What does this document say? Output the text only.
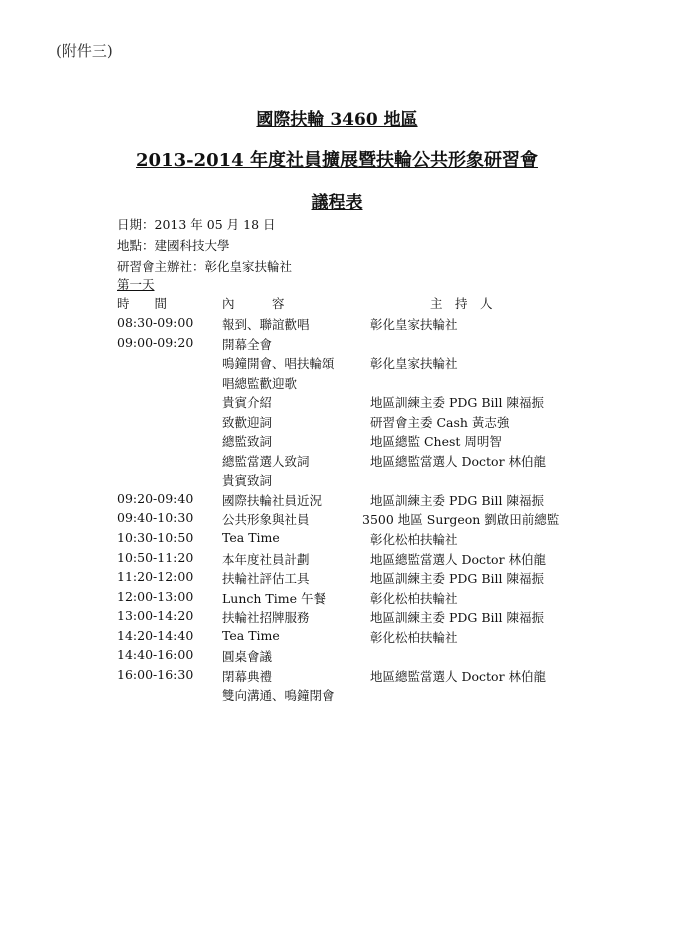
(附件三)
國際扶輪 3460 地區
2013-2014 年度社員擴展暨扶輪公共形象研習會
議程表
日期：2013 年 05 月 18 日
地點：建國科技大學
研習會主辦社：彰化皇家扶輪社
第一天
時　　間	內　　　容	主　持　人
08:30-09:00 報到、聯誼歡唱	彰化皇家扶輪社
09:00-09:20 開幕全會
鳴鐘開會、唱扶輪頌	彰化皇家扶輪社
唱總監歡迎歌
貴賓介紹	地區訓練主委 PDG Bill 陳福振
致歡迎詞	研習會主委 Cash 黃志強
總監致詞	地區總監 Chest 周明智
總監當選人致詞	地區總監當選人 Doctor 林伯龍
貴賓致詞
09:20-09:40 國際扶輪社員近況	地區訓練主委 PDG Bill 陳福振
09:40-10:30 公共形象與社員	3500 地區 Surgeon 劉啟田前總監
10:30-10:50 Tea Time	彰化松柏扶輪社
10:50-11:20 本年度社員計劃	地區總監當選人 Doctor 林伯龍
11:20-12:00 扶輪社評估工具	地區訓練主委 PDG Bill 陳福振
12:00-13:00 Lunch Time 午餐	彰化松柏扶輪社
13:00-14:20 扶輪社招牌服務	地區訓練主委 PDG Bill 陳福振
14:20-14:40 Tea Time	彰化松柏扶輪社
14:40-16:00 圓桌會議
16:00-16:30 閉幕典禮	地區總監當選人 Doctor 林伯龍
雙向溝通、鳴鐘閉會
